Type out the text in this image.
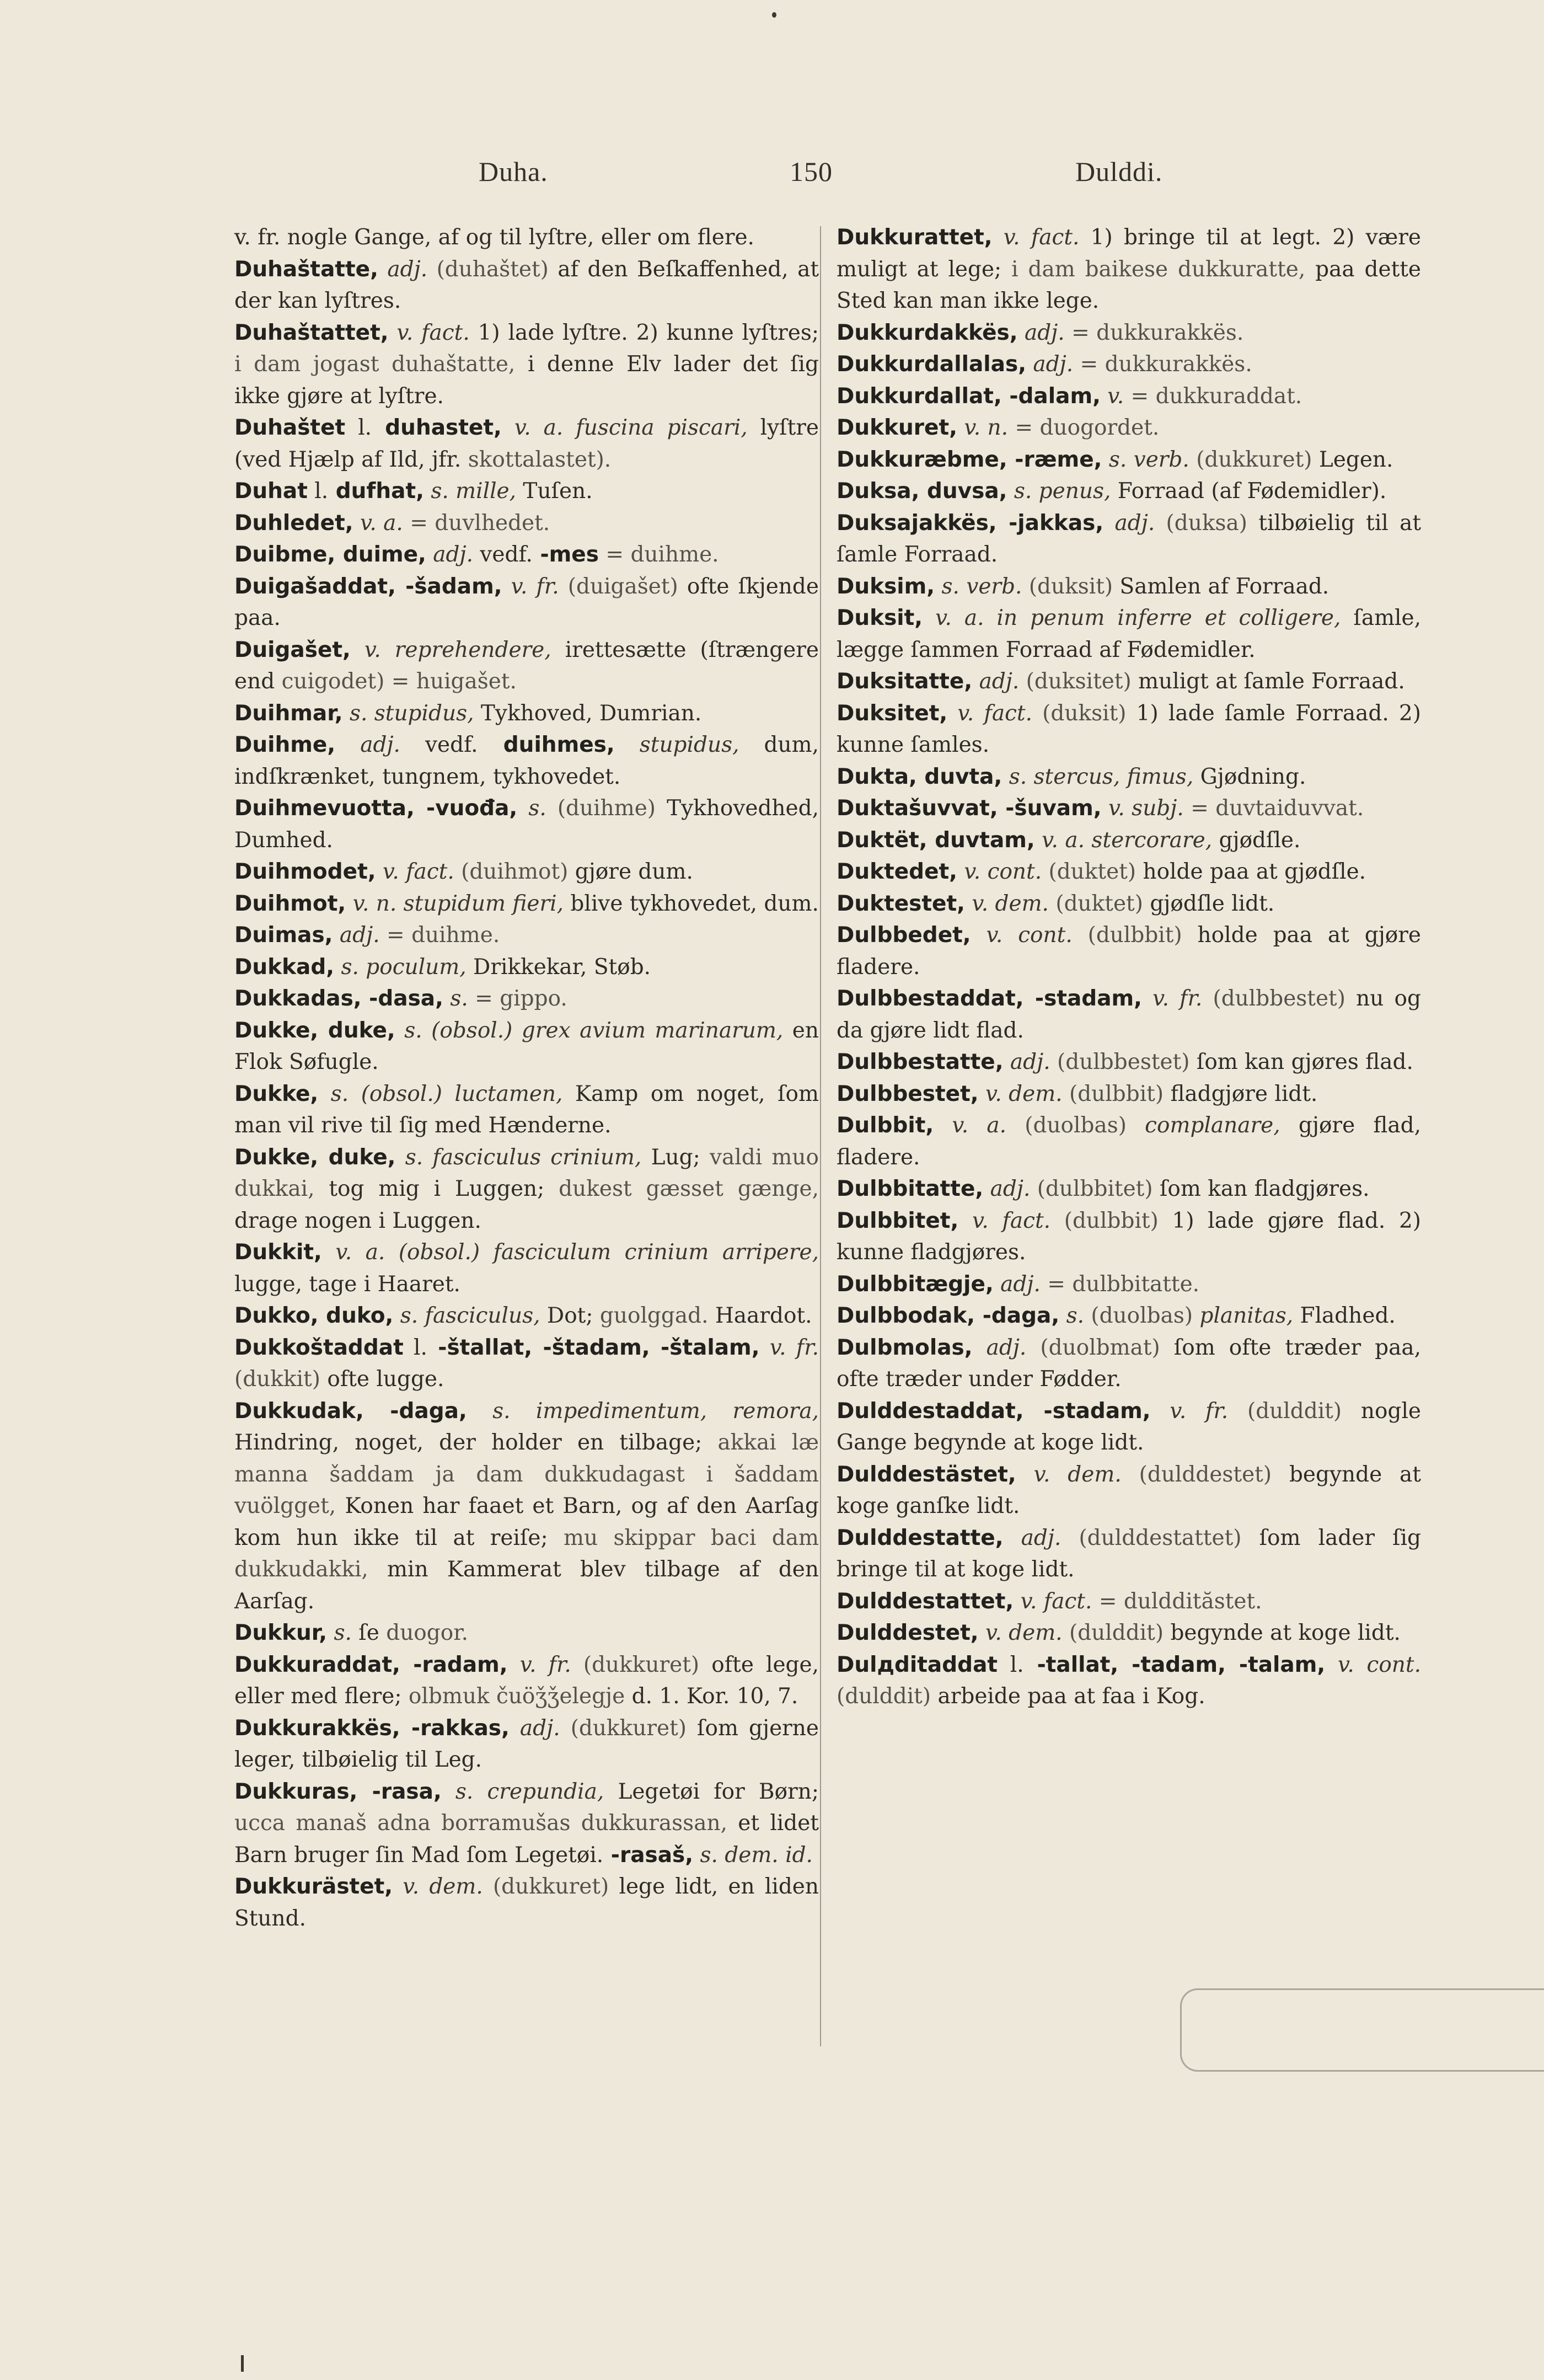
Duha.	150	Dulddi.
v. fr. nogle Gange, af og til lyſtre, eller om flere.
Duhaštatte, adj. (duhaštet) af den Beſkaffenhed, at der kan lyſtres.
Duhaštattet, v. fact. 1) lade lyſtre. 2) kunne lyſtres; i dam jogast duhaštatte, i denne Elv lader det ſig ikke gjøre at lyſtre.
Duhaštet l. duhastet, v. a. fuscina piscari, lyſtre (ved Hjælp af Ild, jfr. skottalastet).
Duhat l. dufhat, s. mille, Tuſen.
Duhledet, v. a. = duvlhedet.
Duibme, duime, adj. vedf. -mes = duihme.
Duigašaddat, -šadam, v. fr. (duigašet) ofte ſkjende paa.
Duigašet, v. reprehendere, irettesætte (ſtrængere end cuigodet) = huigašet.
Duihmar, s. stupidus, Tykhoved, Dumrian.
Duihme, adj. vedf. duihmes, stupidus, dum, indſkrænket, tungnem, tykhovedet.
Duihmevuotta, -vuođa, s. (duihme) Tykhovedhed, Dumhed.
Duihmodet, v. fact. (duihmot) gjøre dum.
Duihmot, v. n. stupidum fieri, blive tykhovedet, dum.
Duimas, adj. = duihme.
Dukkad, s. poculum, Drikkekar, Støb.
Dukkadas, -dasa, s. = gippo.
Dukke, duke, s. (obsol.) grex avium marinarum, en Flok Søfugle.
Dukke, s. (obsol.) luctamen, Kamp om noget, ſom man vil rive til ſig med Hænderne.
Dukke, duke, s. fasciculus crinium, Lug; valdi muo dukkai, tog mig i Luggen; dukest gæsset gænge, drage nogen i Luggen.
Dukkit, v. a. (obsol.) fasciculum crinium arripere, lugge, tage i Haaret.
Dukko, duko, s. fasciculus, Dot; guolggad. Haardot.
Dukkoštaddat l. -štallat, -štadam, -štalam, v. fr. (dukkit) ofte lugge.
Dukkudak, -daga, s. impedimentum, remora, Hindring, noget, der holder en tilbage; akkai læ manna šaddam ja dam dukkudagast i šaddam vuölgget, Konen har faaet et Barn, og af den Aarſag kom hun ikke til at reiſe; mu skippar baci dam dukkudakki, min Kammerat blev tilbage af den Aarſag.
Dukkur, s. ſe duogor.
Dukkuraddat, -radam, v. fr. (dukkuret) ofte lege, eller med flere; olbmuk čuöǯǯelegje d. 1. Kor. 10, 7.
Dukkurakkës, -rakkas, adj. (dukkuret) ſom gjerne leger, tilbøielig til Leg.
Dukkuras, -rasa, s. crepundia, Legetøi for Børn; ucca manaš adna borramušas dukkurassan, et lidet Barn bruger ſin Mad ſom Legetøi. -rasaš, s. dem. id.
Dukkurästet, v. dem. (dukkuret) lege lidt, en liden Stund.
Dukkurattet, v. fact. 1) bringe til at legt. 2) være muligt at lege; i dam baikese dukkuratte, paa dette Sted kan man ikke lege.
Dukkurdakkës, adj. = dukkurakkës.
Dukkurdallalas, adj. = dukkurakkës.
Dukkurdallat, -dalam, v. = dukkuraddat.
Dukkuret, v. n. = duogordet.
Dukkuræbme, -ræme, s. verb. (dukkuret) Legen.
Duksa, duvsa, s. penus, Forraad (af Fødemidler).
Duksajakkës, -jakkas, adj. (duksa) tilbøielig til at ſamle Forraad.
Duksim, s. verb. (duksit) Samlen af Forraad.
Duksit, v. a. in penum inferre et colligere, ſamle, lægge ſammen Forraad af Fødemidler.
Duksitatte, adj. (duksitet) muligt at ſamle Forraad.
Duksitet, v. fact. (duksit) 1) lade ſamle Forraad. 2) kunne ſamles.
Dukta, duvta, s. stercus, fimus, Gjødning.
Duktašuvvat, -šuvam, v. subj. = duvtaiduvvat.
Duktët, duvtam, v. a. stercorare, gjødſle.
Duktedet, v. cont. (duktet) holde paa at gjødſle.
Duktestet, v. dem. (duktet) gjødſle lidt.
Dulbbedet, v. cont. (dulbbit) holde paa at gjøre fladere.
Dulbbestaddat, -stadam, v. fr. (dulbbestet) nu og da gjøre lidt flad.
Dulbbestatte, adj. (dulbbestet) ſom kan gjøres flad.
Dulbbestet, v. dem. (dulbbit) fladgjøre lidt.
Dulbbit, v. a. (duolbas) complanare, gjøre flad, fladere.
Dulbbitatte, adj. (dulbbitet) ſom kan fladgjøres.
Dulbbitet, v. fact. (dulbbit) 1) lade gjøre flad. 2) kunne fladgjøres.
Dulbbitægje, adj. = dulbbitatte.
Dulbbodak, -daga, s. (duolbas) planitas, Fladhed.
Dulbmolas, adj. (duolbmat) ſom ofte træder paa, ofte træder under Fødder.
Dulddestaddat, -stadam, v. fr. (dulddit) nogle Gange begynde at koge lidt.
Dulddestästet, v. dem. (dulddestet) begynde at koge ganſke lidt.
Dulddestatte, adj. (dulddestattet) ſom lader ſig bringe til at koge lidt.
Dulddestattet, v. fact. = dulddităstet.
Dulddestet, v. dem. (dulddit) begynde at koge lidt.
Dulдditaddat l. -tallat, -tadam, -talam, v. cont. (dulddit) arbeide paa at faa i Kog.
